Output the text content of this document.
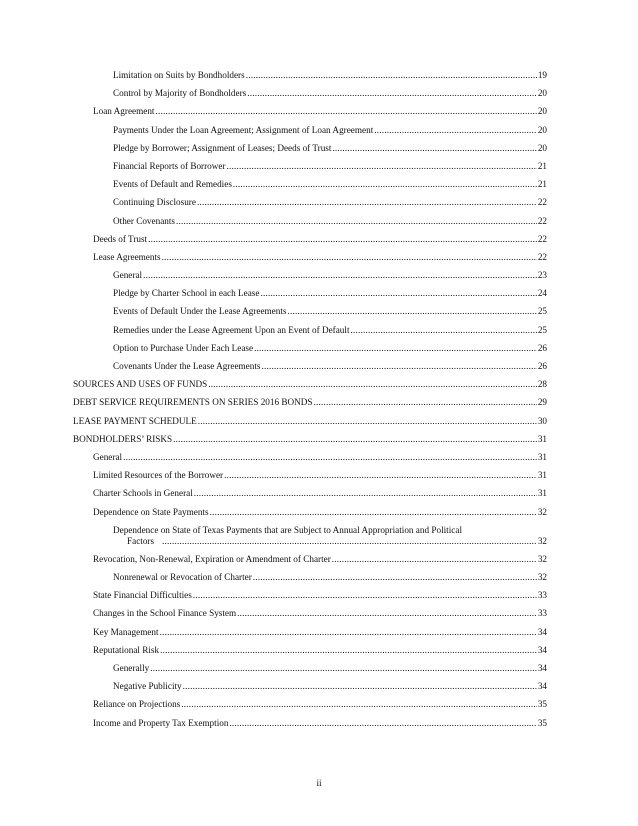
Limitation on Suits by Bondholders .....	19
Control by Majority of Bondholders .....	20
Loan Agreement .....	20
Payments Under the Loan Agreement; Assignment of Loan Agreement .....	20
Pledge by Borrower; Assignment of Leases; Deeds of Trust .....	20
Financial Reports of Borrower .....	21
Events of Default and Remedies .....	21
Continuing Disclosure .....	22
Other Covenants .....	22
Deeds of Trust .....	22
Lease Agreements .....	22
General .....	23
Pledge by Charter School in each Lease .....	24
Events of Default Under the Lease Agreements .....	25
Remedies under the Lease Agreement Upon an Event of Default .....	25
Option to Purchase Under Each Lease .....	26
Covenants Under the Lease Agreements .....	26
SOURCES AND USES OF FUNDS .....	28
DEBT SERVICE REQUIREMENTS ON SERIES 2016 BONDS .....	29
LEASE PAYMENT SCHEDULE .....	30
BONDHOLDERS’ RISKS .....	31
General .....	31
Limited Resources of the Borrower .....	31
Charter Schools in General .....	31
Dependence on State Payments .....	32
Dependence on State of Texas Payments that are Subject to Annual Appropriation and Political
Factors .....	32
Revocation, Non-Renewal, Expiration or Amendment of Charter .....	32
Nonrenewal or Revocation of Charter .....	32
State Financial Difficulties .....	33
Changes in the School Finance System .....	33
Key Management .....	34
Reputational Risk .....	34
Generally .....	34
Negative Publicity .....	34
Reliance on Projections .....	35
Income and Property Tax Exemption .....	35
ii
